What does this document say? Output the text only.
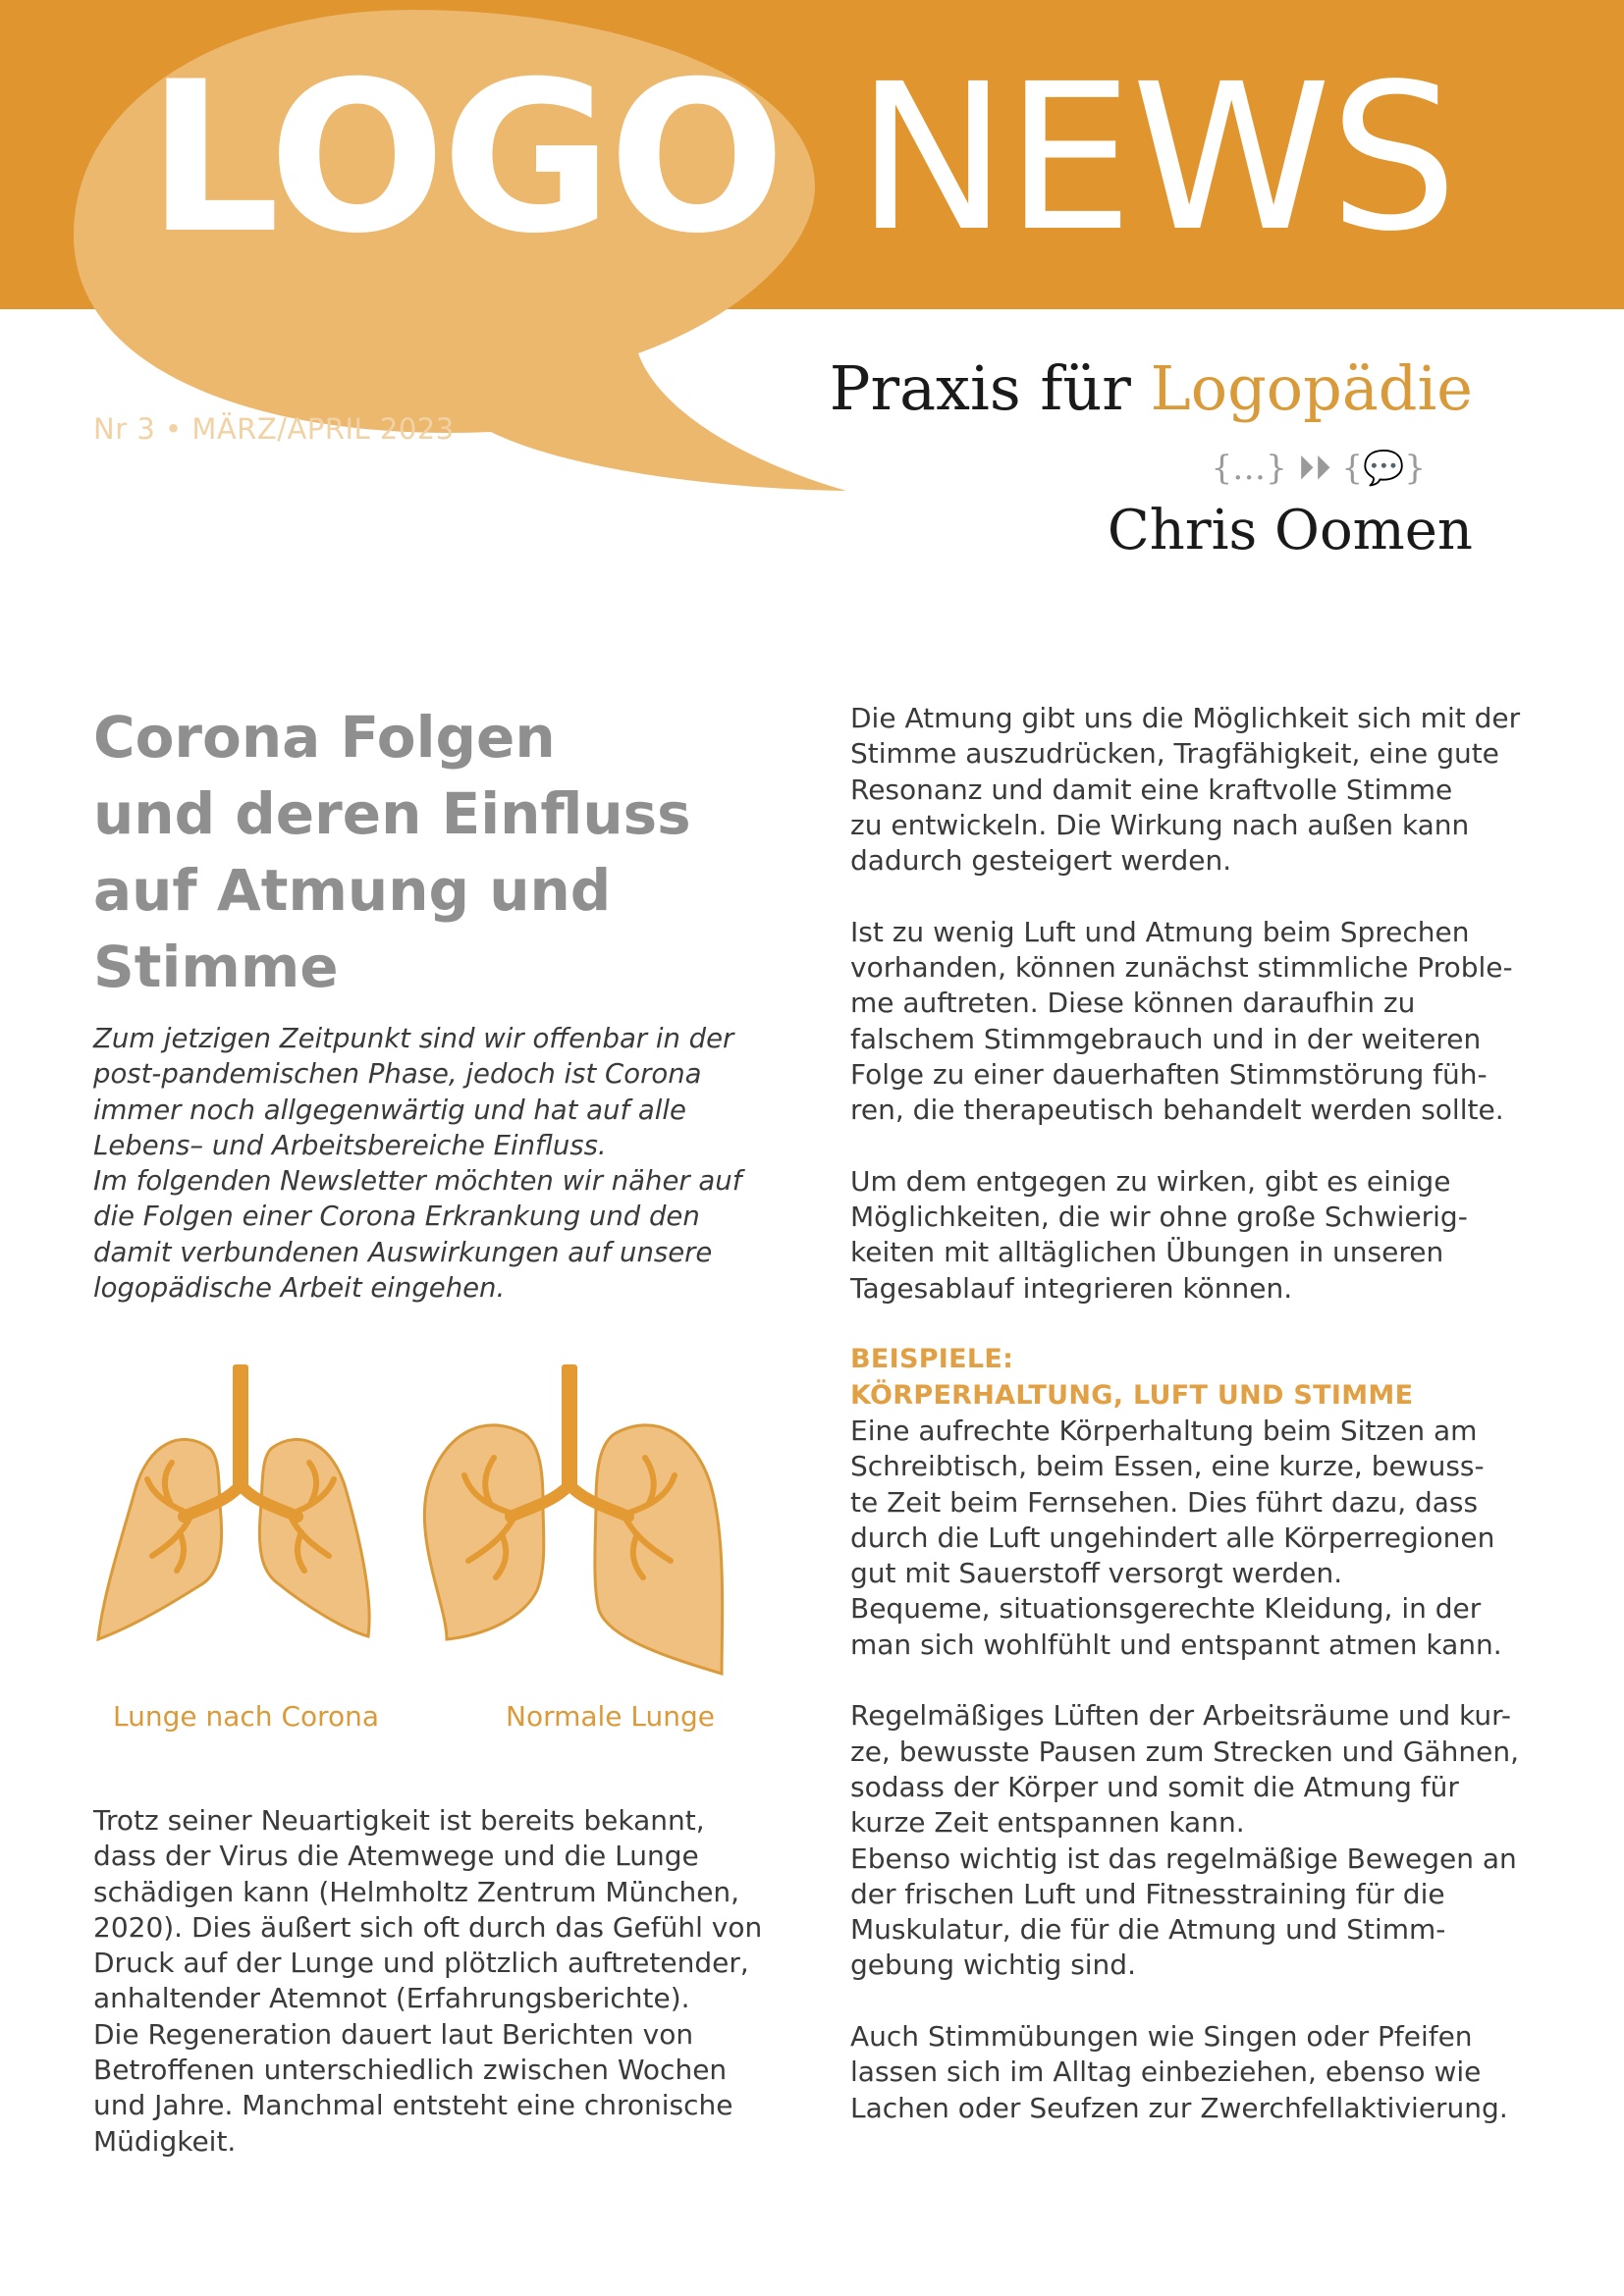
LOGO NEWS
Nr 3 • MÄRZ/APRIL 2023
Praxis für Logopädie
{…} ⏵⏵ {💬}
Chris Oomen
Corona Folgen
und deren Einfluss
auf Atmung und
Stimme

Zum jetzigen Zeitpunkt sind wir offenbar in der
post-pandemischen Phase, jedoch ist Corona
immer noch allgegenwärtig und hat auf alle
Lebens– und Arbeitsbereiche Einfluss.
Im folgenden Newsletter möchten wir näher auf
die Folgen einer Corona Erkrankung und den
damit verbundenen Auswirkungen auf unsere
logopädische Arbeit eingehen.

Lunge nach Corona	Normale Lunge

Trotz seiner Neuartigkeit ist bereits bekannt,
dass der Virus die Atemwege und die Lunge
schädigen kann (Helmholtz Zentrum München,
2020). Dies äußert sich oft durch das Gefühl von
Druck auf der Lunge und plötzlich auftretender,
anhaltender Atemnot (Erfahrungsberichte).
Die Regeneration dauert laut Berichten von
Betroffenen unterschiedlich zwischen Wochen
und Jahre. Manchmal entsteht eine chronische
Müdigkeit.

Die Atmung gibt uns die Möglichkeit sich mit der
Stimme auszudrücken, Tragfähigkeit, eine gute
Resonanz und damit eine kraftvolle Stimme
zu entwickeln. Die Wirkung nach außen kann
dadurch gesteigert werden.

Ist zu wenig Luft und Atmung beim Sprechen
vorhanden, können zunächst stimmliche Proble-
me auftreten. Diese können daraufhin zu
falschem Stimmgebrauch und in der weiteren
Folge zu einer dauerhaften Stimmstörung füh-
ren, die therapeutisch behandelt werden sollte.

Um dem entgegen zu wirken, gibt es einige
Möglichkeiten, die wir ohne große Schwierig-
keiten mit alltäglichen Übungen in unseren
Tagesablauf integrieren können.

BEISPIELE:
KÖRPERHALTUNG, LUFT UND STIMME

Eine aufrechte Körperhaltung beim Sitzen am
Schreibtisch, beim Essen, eine kurze, bewuss-
te Zeit beim Fernsehen. Dies führt dazu, dass
durch die Luft ungehindert alle Körperregionen
gut mit Sauerstoff versorgt werden.
Bequeme, situationsgerechte Kleidung, in der
man sich wohlfühlt und entspannt atmen kann.

Regelmäßiges Lüften der Arbeitsräume und kur-
ze, bewusste Pausen zum Strecken und Gähnen,
sodass der Körper und somit die Atmung für
kurze Zeit entspannen kann.
Ebenso wichtig ist das regelmäßige Bewegen an
der frischen Luft und Fitnesstraining für die
Muskulatur, die für die Atmung und Stimm-
gebung wichtig sind.

Auch Stimmübungen wie Singen oder Pfeifen
lassen sich im Alltag einbeziehen, ebenso wie
Lachen oder Seufzen zur Zwerchfellaktivierung.
